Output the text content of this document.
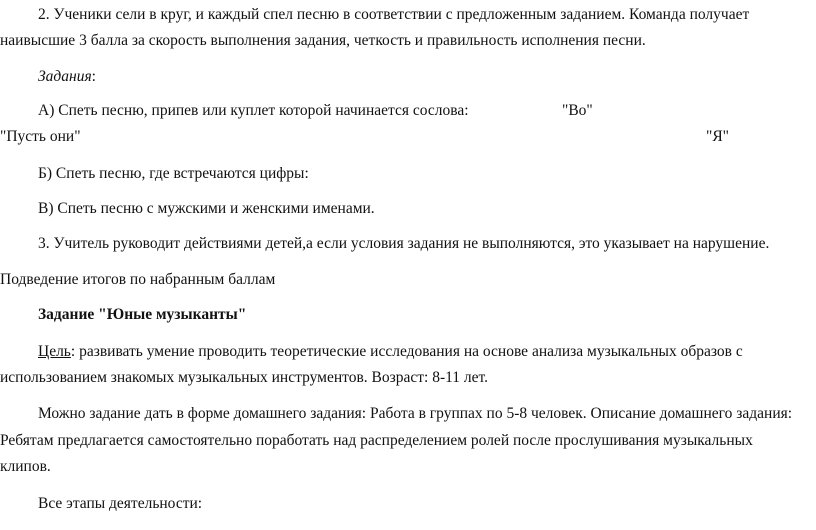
2. Ученики сели в круг, и каждый спел песню в соответствии с предложенным заданием. Команда получает
наивысшие 3 балла за скорость выполнения задания, четкость и правильность исполнения песни.
Задания:
А) Спеть песню, припев или куплет которой начинается сослова:	"Во"
"Пусть они"	"Я"
Б) Спеть песню, где встречаются цифры:
В) Спеть песню с мужскими и женскими именами.
3. Учитель руководит действиями детей,а если условия задания не выполняются, это указывает на нарушение.
Подведение итогов по набранным баллам
Задание "Юные музыканты"
Цель: развивать умение проводить теоретические исследования на основе анализа музыкальных образов с
использованием знакомых музыкальных инструментов. Возраст: 8-11 лет.
Можно задание дать в форме домашнего задания: Работа в группах по 5-8 человек. Описание домашнего задания:
Ребятам предлагается самостоятельно поработать над распределением ролей после прослушивания музыкальных
клипов.
Все этапы деятельности:
